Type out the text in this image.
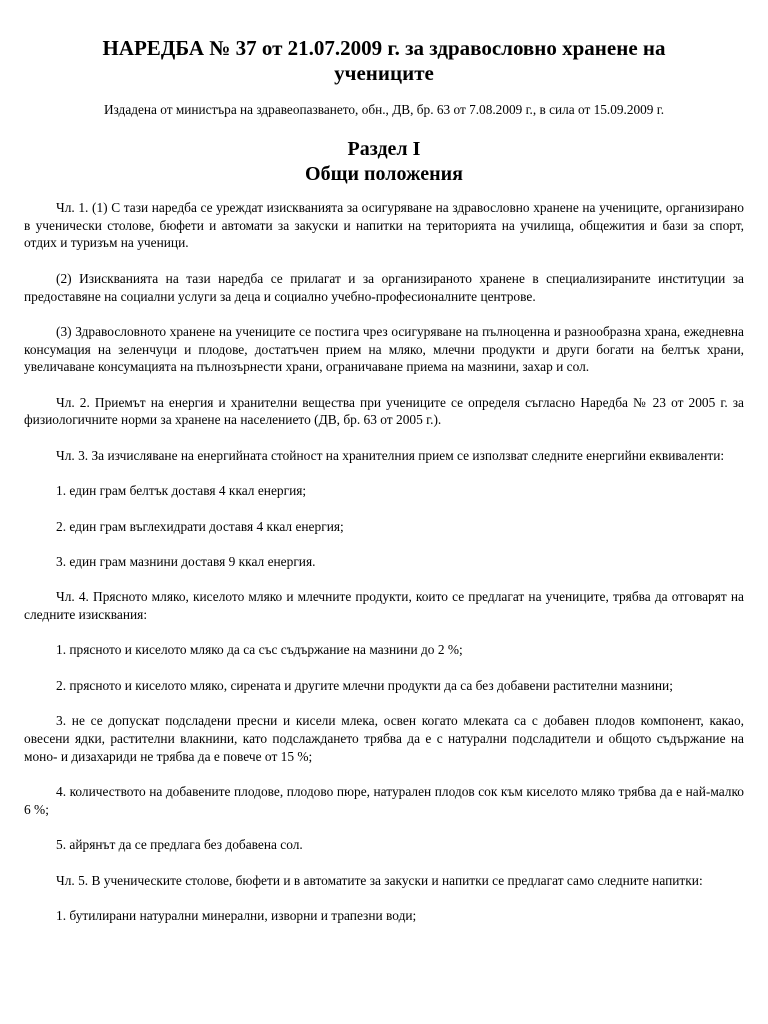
НАРЕДБА № 37 от 21.07.2009 г. за здравословно хранене на учениците
Издадена от министъра на здравеопазването, обн., ДВ, бр. 63 от 7.08.2009 г., в сила от 15.09.2009 г.
Раздел I
Общи положения

Чл. 1. (1) С тази наредба се уреждат изискванията за осигуряване на здравословно хранене на учениците, организирано в ученически столове, бюфети и автомати за закуски и напитки на територията на училища, общежития и бази за спорт, отдих и туризъм на ученици.

(2) Изискванията на тази наредба се прилагат и за организираното хранене в специализираните институции за предоставяне на социални услуги за деца и социално учебно-професионалните центрове.

(3) Здравословното хранене на учениците се постига чрез осигуряване на пълноценна и разнообразна храна, ежедневна консумация на зеленчуци и плодове, достатъчен прием на мляко, млечни продукти и други богати на белтък храни, увеличаване консумацията на пълнозърнести храни, ограничаване приема на мазнини, захар и сол.

Чл. 2. Приемът на енергия и хранителни вещества при учениците се определя съгласно Наредба № 23 от 2005 г. за физиологичните норми за хранене на населението (ДВ, бр. 63 от 2005 г.).

Чл. 3. За изчисляване на енергийната стойност на хранителния прием се използват следните енергийни еквиваленти:

1. един грам белтък доставя 4 ккал енергия;

2. един грам въглехидрати доставя 4 ккал енергия;

3. един грам мазнини доставя 9 ккал енергия.

Чл. 4. Прясното мляко, киселото мляко и млечните продукти, които се предлагат на учениците, трябва да отговарят на следните изисквания:

1. прясното и киселото мляко да са със съдържание на мазнини до 2 %;

2. прясното и киселото мляко, сирената и другите млечни продукти да са без добавени растителни мазнини;

3. не се допускат подсладени пресни и кисели млека, освен когато млеката са с добавен плодов компонент, какао, овесени ядки, растителни влакнини, като подслаждането трябва да е с натурални подсладители и общото съдържание на моно- и дизахариди не трябва да е повече от 15 %;

4. количеството на добавените плодове, плодово пюре, натурален плодов сок към киселото мляко трябва да е най-малко 6 %;

5. айрянът да се предлага без добавена сол.

Чл. 5. В ученическите столове, бюфети и в автоматите за закуски и напитки се предлагат само следните напитки:

1. бутилирани натурални минерални, изворни и трапезни води;
